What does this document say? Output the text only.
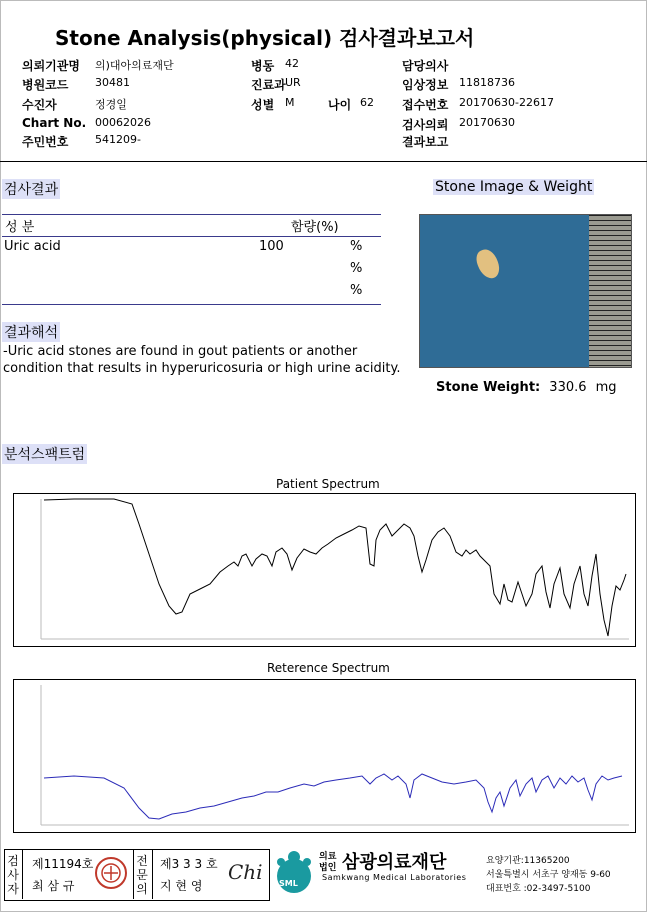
Stone Analysis(physical) 검사결과보고서
의뢰기관명 의)대아의료재단
병원코드 30481
수진자	정경일
Chart No. 00062026
주민번호 541209-
병동 42
진료과 UR
성별 M	나이 62
담당의사
임상정보 11818736
접수번호 20170630-22617
검사의뢰 20170630
결과보고
검사결과
성 분	함량(%)
Uric acid	100	%
%
%
결과해석
-Uric acid stones are found in gout patients or another
condition that results in hyperuricosuria or high urine acidity.
Stone Image & Weight
Stone Weight: 330.6 mg
분석스팩트럼
Patient Spectrum
Reterence Spectrum
검사자
제11194호
최 삼 규
전문의
제3 3 3 호
지 현 영
Chi SML
의료법인 삼광의료재단
Samkwang Medical Laboratories
요양기관:11365200
서울특별시 서초구 양재동 9-60
대표번호 :02-3497-5100
